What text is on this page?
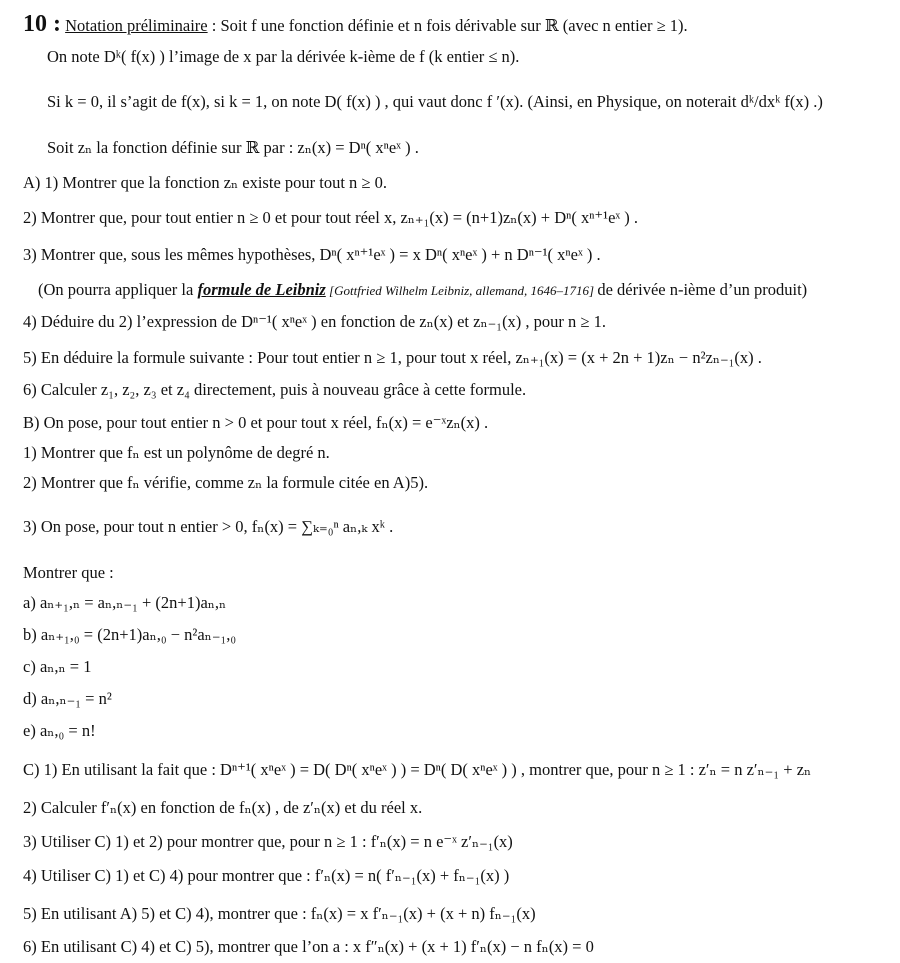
10 : Notation préliminaire : Soit f une fonction définie et n fois dérivable sur ℝ (avec n entier ≥ 1).
On note Dᵏ( f(x) ) l’image de x par la dérivée k-ième de f (k entier ≤ n).
Si k = 0, il s’agit de f(x), si k = 1, on note D( f(x) ) , qui vaut donc f ′(x). (Ainsi, en Physique, on noterait dᵏ/dxᵏ f(x) .)
Soit zₙ la fonction définie sur ℝ par : zₙ(x) = Dⁿ( xⁿeˣ ) .
A) 1) Montrer que la fonction zₙ existe pour tout n ≥ 0.
2) Montrer que, pour tout entier n ≥ 0 et pour tout réel x, zₙ₊₁(x) = (n+1)zₙ(x) + Dⁿ( xⁿ⁺¹eˣ ) .
3) Montrer que, sous les mêmes hypothèses, Dⁿ( xⁿ⁺¹eˣ ) = x Dⁿ( xⁿeˣ ) + n Dⁿ⁻¹( xⁿeˣ ) .
(On pourra appliquer la formule de Leibniz [Gottfried Wilhelm Leibniz, allemand, 1646–1716] de dérivée n-ième d’un produit)
4) Déduire du 2) l’expression de Dⁿ⁻¹( xⁿeˣ ) en fonction de zₙ(x) et zₙ₋₁(x) , pour n ≥ 1.
5) En déduire la formule suivante : Pour tout entier n ≥ 1, pour tout x réel, zₙ₊₁(x) = (x + 2n + 1)zₙ − n²zₙ₋₁(x) .
6) Calculer z₁, z₂, z₃ et z₄ directement, puis à nouveau grâce à cette formule.
B) On pose, pour tout entier n > 0 et pour tout x réel, fₙ(x) = e⁻ˣzₙ(x) .
1) Montrer que fₙ est un polynôme de degré n.
2) Montrer que fₙ vérifie, comme zₙ la formule citée en A)5).
3) On pose, pour tout n entier > 0, fₙ(x) = ∑ₖ₌₀ⁿ aₙ,ₖ xᵏ .
Montrer que :
a) aₙ₊₁,ₙ = aₙ,ₙ₋₁ + (2n+1)aₙ,ₙ
b) aₙ₊₁,₀ = (2n+1)aₙ,₀ − n²aₙ₋₁,₀
c) aₙ,ₙ = 1
d) aₙ,ₙ₋₁ = n²
e) aₙ,₀ = n!
C) 1) En utilisant la fait que : Dⁿ⁺¹( xⁿeˣ ) = D( Dⁿ( xⁿeˣ ) ) = Dⁿ( D( xⁿeˣ ) ) , montrer que, pour n ≥ 1 : z′ₙ = n z′ₙ₋₁ + zₙ
2) Calculer f′ₙ(x) en fonction de fₙ(x) , de z′ₙ(x) et du réel x.
3) Utiliser C) 1) et 2) pour montrer que, pour n ≥ 1 : f′ₙ(x) = n e⁻ˣ z′ₙ₋₁(x)
4) Utiliser C) 1) et C) 4) pour montrer que : f′ₙ(x) = n( f′ₙ₋₁(x) + fₙ₋₁(x) )
5) En utilisant A) 5) et C) 4), montrer que : fₙ(x) = x f′ₙ₋₁(x) + (x + n) fₙ₋₁(x)
6) En utilisant C) 4) et C) 5), montrer que l’on a : x f″ₙ(x) + (x + 1) f′ₙ(x) − n fₙ(x) = 0
